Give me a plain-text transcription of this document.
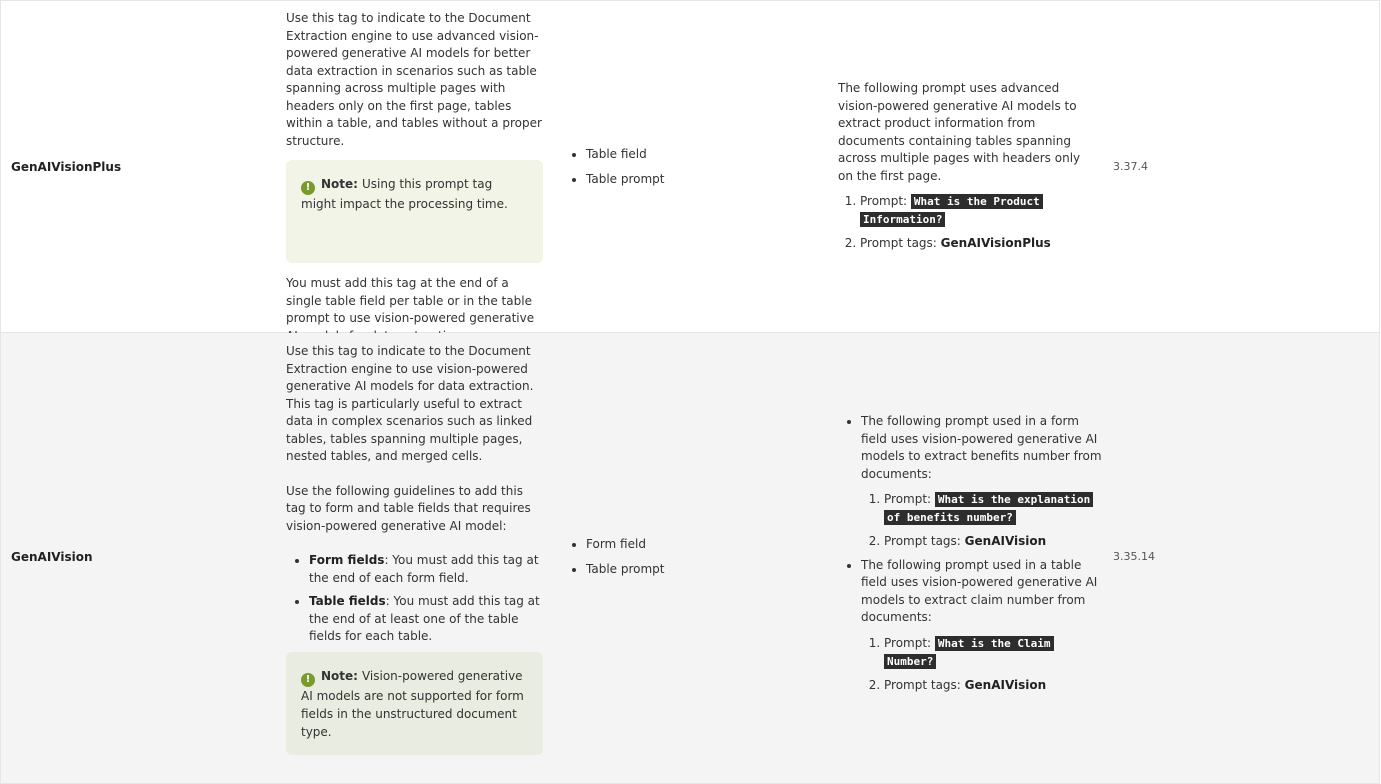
GenAIVisionPlus

Use this tag to indicate to the Document Extraction engine to use advanced vision-powered generative AI models for better data extraction in scenarios such as table spanning across multiple pages with headers only on the first page, tables within a table, and tables without a proper structure.

! Note: Using this prompt tag might impact the processing time.

You must add this tag at the end of a single table field per table or in the table prompt to use vision-powered generative

• Table field
• Table prompt

The following prompt uses advanced vision-powered generative AI models to extract product information from documents containing tables spanning across multiple pages with headers only on the first page.

1. Prompt: What is the Product Information?
2. Prompt tags: GenAIVisionPlus
3.37.4
GenAIVision

Use this tag to indicate to the Document Extraction engine to use vision-powered generative AI models for data extraction. This tag is particularly useful to extract data in complex scenarios such as linked tables, tables spanning multiple pages, nested tables, and merged cells.

Use the following guidelines to add this tag to form and table fields that requires vision-powered generative AI model:

• Form fields: You must add this tag at the end of each form field.
• Table fields: You must add this tag at the end of at least one of the table fields for each table.
! Note: Vision-powered generative AI models are not supported for form fields in the unstructured document type.
• Form field
• Table prompt
• The following prompt used in a form field uses vision-powered generative AI models to extract benefits number from documents:
1. Prompt: What is the explanation of benefits number?
2. Prompt tags: GenAIVision
• The following prompt used in a table field uses vision-powered generative AI models to extract claim number from documents:
1. Prompt: What is the Claim Number?
2. Prompt tags: GenAIVision
3.35.14
